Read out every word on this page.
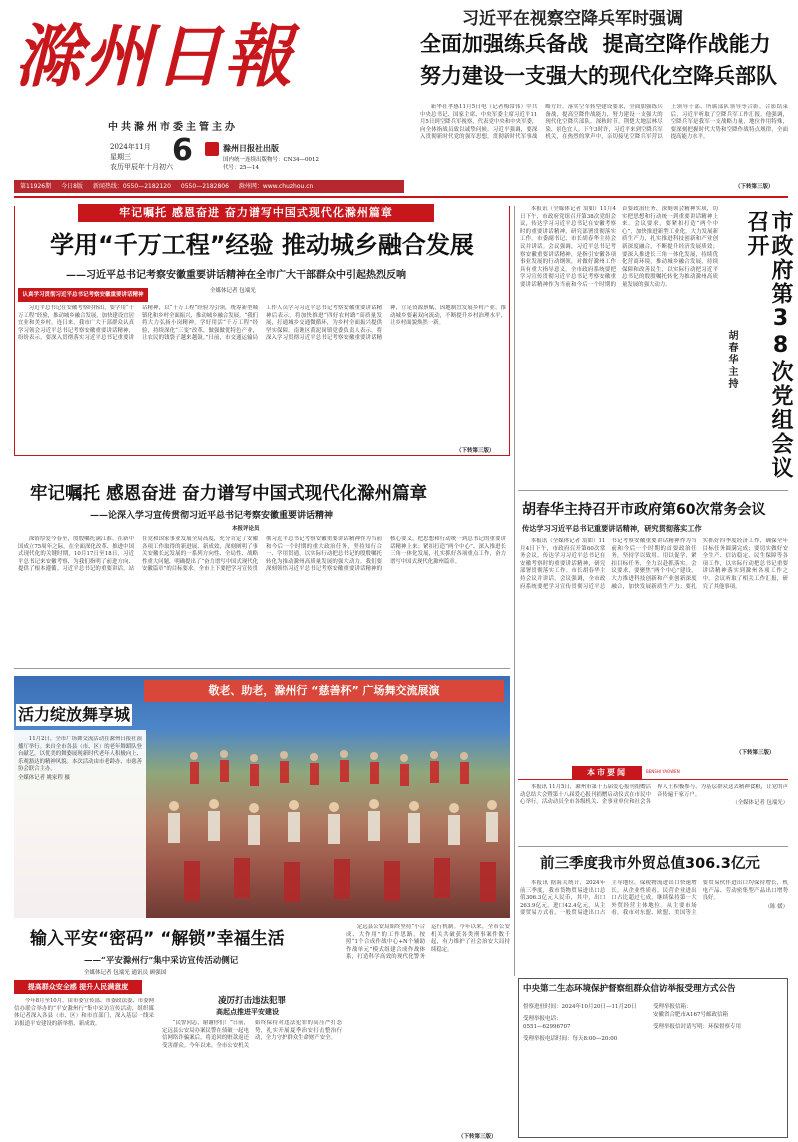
滁州日報
中共滁州市委主管主办
2024年11月
星期三
农历甲辰年十月初六 6	滁州日报社出版
国内统一连续出版物号：CN34—0012
代号：25—14
第11926期 今日8版 新闻热线：0550—2182120 0550—2182806 滁州网：www.chuzhou.cn
习近平在视察空降兵军时强调
全面加强练兵备战  提高空降作战能力
努力建设一支强大的现代化空降兵部队

新华社孝感11月5日电（记者梅常伟）中共中央总书记、国家主席、中央军委主席习近平11月5日到空降兵军视察，代表党中央和中央军委，向全体指战员致以诚挚问候。习近平强调，要深入贯彻新时代党的强军思想，贯彻新时代军事战略方针，落实空军转型建设要求，全面加强练兵备战，提高空降作战能力，努力建设一支强大的现代化空降兵部队。深秋时节，荆楚大地层林尽染、景色宜人。下午3时许，习近平来到空降兵军机关，在热烈的掌声中，亲切接见空降兵军营以上领导干部、所属部队领导等合影。合影结束后，习近平听取了空降兵军工作汇报。他强调，空降兵军是我军一支战略力量，地位作用特殊，要深刻把握时代大势和空降作战特点规律，全面提高能力水平。

（下转第三版）
牢记嘱托 感恩奋进 奋力谱写中国式现代化滁州篇章
学用“千万工程”经验 推动城乡融合发展
——习近平总书记考察安徽重要讲话精神在全市广大干部群众中引起热烈反响
认真学习贯彻习近平总书记考察安徽重要讲话精神
全媒体记者 包端光

习近平总书记在安徽考察时指出，要学用“千万工程”经验，推动城乡融合发展，加快建设宜居宜业和美乡村。连日来，我市广大干部群众认真学习领会习近平总书记考察安徽重要讲话精神，纷纷表示，要深入贯彻落实习近平总书记重要讲话精神，以“千万工程”经验为引领，统筹新型城镇化和乡村全面振兴，推动城乡融合发展。“我们将大力弘扬小岗精神，学好用活“千万工程”经验，持续深化“三变”改革，做强做优特色产业，让农民的钱袋子越来越鼓。”日前，市交通运输局工作人员学习习近平总书记考察安徽重要讲话精神后表示，将加快推进“四好农村路”高质量发展，打通城乡交通微循环，为乡村全面振兴提供坚实保障。南谯区黄泥岗镇党委负责人表示，将深入学习贯彻习近平总书记考察安徽重要讲话精神，立足资源禀赋，因地制宜发展乡村产业，推动城乡要素双向流动，不断提升乡村治理水平，让乡村面貌焕然一新。

（下转第三版）
牢记嘱托 感恩奋进 奋力谱写中国式现代化滁州篇章
——论深入学习宣传贯彻习近平总书记考察安徽重要讲话精神
本报评论员

深情厚爱今春至，殷殷嘱托满江淮。在新中国成立75周年之际，在全面深化改革、推进中国式现代化的关键时期，10月17日至18日，习近平总书记来安徽考察，为我们指明了前进方向、提供了根本遵循。习近平总书记的重要讲话，站在党和国家事业发展全局高度，充分肯定了安徽各项工作取得的新进展、新成效，深刻阐明了事关安徽长远发展的一系列方向性、全局性、战略性重大问题，明确提出了“奋力谱写中国式现代化安徽篇章”的目标要求。全市上下要把学习宣传贯彻习近平总书记考察安徽重要讲话精神作为当前和今后一个时期的重大政治任务，坚持知行合一、学用贯通，以实际行动把总书记的殷殷嘱托转化为推动滁州高质量发展的强大动力。我们要深刻领悟习近平总书记考察安徽重要讲话精神的核心要义，把思想和行动统一到总书记的重要讲话精神上来；紧扣打造“两个中心”、深入推进长三角一体化发展，扎实抓好各项重点工作，奋力谱写中国式现代化滁州篇章。

本报讯（全媒体记者 翁如）11月4日下午，市政府党组召开第38次党组会议，传达学习习近平总书记在安徽考察时的重要讲话精神，研究部署贯彻落实工作。市委副书记、市长胡春华主持会议并讲话。会议强调，习近平总书记考察安徽重要讲话精神，是指引安徽各项事业发展的行动纲领，对做好滁州工作具有重大指导意义。全市政府系统要把学习宣传贯彻习近平总书记考察安徽重要讲话精神作为当前和今后一个时期的首要政治任务，深刻领会精神实质，切实把思想和行动统一到重要讲话精神上来。会议要求，要紧扣打造“两个中心”，加快推进新型工业化，大力发展新质生产力，扎实推进科技创新和产业创新深度融合，不断提升经济发展质效；要深入推进长三角一体化发展，持续优化营商环境，推动城乡融合发展，持续保障和改善民生，以实际行动把习近平总书记的殷殷嘱托转化为推动滁州高质量发展的强大动力。	市政府第38次党组会议召开
胡春华主持
胡春华主持召开市政府第60次常务会议
传达学习习近平总书记重要讲话精神，研究贯彻落实工作

本报讯（全媒体记者 翁如）11月4日下午，市政府召开第60次常务会议，传达学习习近平总书记在安徽考察时的重要讲话精神，研究部署贯彻落实工作。市长胡春华主持会议并讲话。会议强调，全市政府系统要把学习宣传贯彻习近平总书记考察安徽重要讲话精神作为当前和今后一个时期的首要政治任务，坚持学以致用、用以促学，紧扣目标任务，全力以赴抓落实。会议要求，要聚焦“两个中心”建设，大力推进科技创新和产业创新深度融合，加快发展新质生产力；要扎实抓好四季度经济工作，确保全年目标任务圆满完成；要切实做好安全生产、信访稳定、民生保障等各项工作，以实际行动把总书记重要讲话精神落实到滁州各项工作之中。会议听取了相关工作汇报，研究了其他事项。

（下转第三版）
本市要闻	BENSHI YAOWEN

本报讯 11月5日，滁州市第十五届爱心报刊捐赠活动总结大会暨第十八届爱心报刊捐赠启动仪式在市民中心举行。活动动员全市各级机关、企事业单位和社会各界人士积极参与，为基层群众送去精神食粮，让党的声音传遍千家万户。

（全媒体记者 包端光）

前三季度我市外贸总值306.3亿元

本报讯 据海关统计，2024年前三季度，我市货物贸易进出口总值306.3亿元人民币，其中，出口263.9亿元，进口42.4亿元。从主要贸易方式看，一般贸易进出口占主导地位，保税物流进出口快速增长。从企业性质看，民营企业进出口占比超过七成，继续保持第一大外贸经营主体地位。从主要市场看，我市对东盟、欧盟、美国等主要贸易伙伴进出口均保持增长，机电产品、劳动密集型产品出口增势良好。

（陈 媛）

敬老、助老，滁州行 “慈善杯” 广场舞交流展演
活力绽放舞享城

11月2日，全市广场舞交流活动在滁州日报社演播厅举行。来自全市各县（市、区）的老年舞蹈队登台献艺，以优美的舞姿展现新时代老年人积极向上、乐观豁达的精神风貌。本次活动由市老龄办、市慈善协会联合主办。

全媒体记者 姚家程 摄

输入平安“密码” “解锁”幸福生活
——“平安滁州行”集中采访宣传活动侧记
全媒体记者 包端光 通讯员 顾强国
提高群众安全感 提升人民满意度

今年8月至10月，由市委宣传部、市委政法委、市委网信办联合举办的“平安滁州行”集中采访宣传活动，组织媒体记者深入各县（市、区）和市直部门，深入基层一线采访报道平安建设的新举措、新成效。

凌厉打击违法犯罪
高起点推进平安建设

“民警同志，谢谢你们！”日前，定远县公安局办案民警在侦破一起电信网络诈骗案后，将追回的赃款返还受害群众。今年以来，全市公安机关始终保持对违法犯罪的高压严打态势，扎实开展夏季治安打击整治行动，全力守护群众生命财产安全。

定远县公安局始终坚持“小合成、大作用”的工作思路，按照“1个合成作战中心+N个辅助作战单元”模式组建合成作战体系，打造科学高效的现代化警务运行机制。今年以来，全市公安机关共破获各类刑事案件数千起，有力维护了社会治安大局持续稳定。

（下转第三版）
中央第二生态环境保护督察组群众信访举报受理方式公告
督察进驻时间：2024年10月20日—11月20日
受理举报电话：
0551—62996707
受理举报电话时间：每天8:00—20:00
受理举报信箱：
安徽省合肥市A167号邮政信箱
受理举报信封请写明：环保督察专用
